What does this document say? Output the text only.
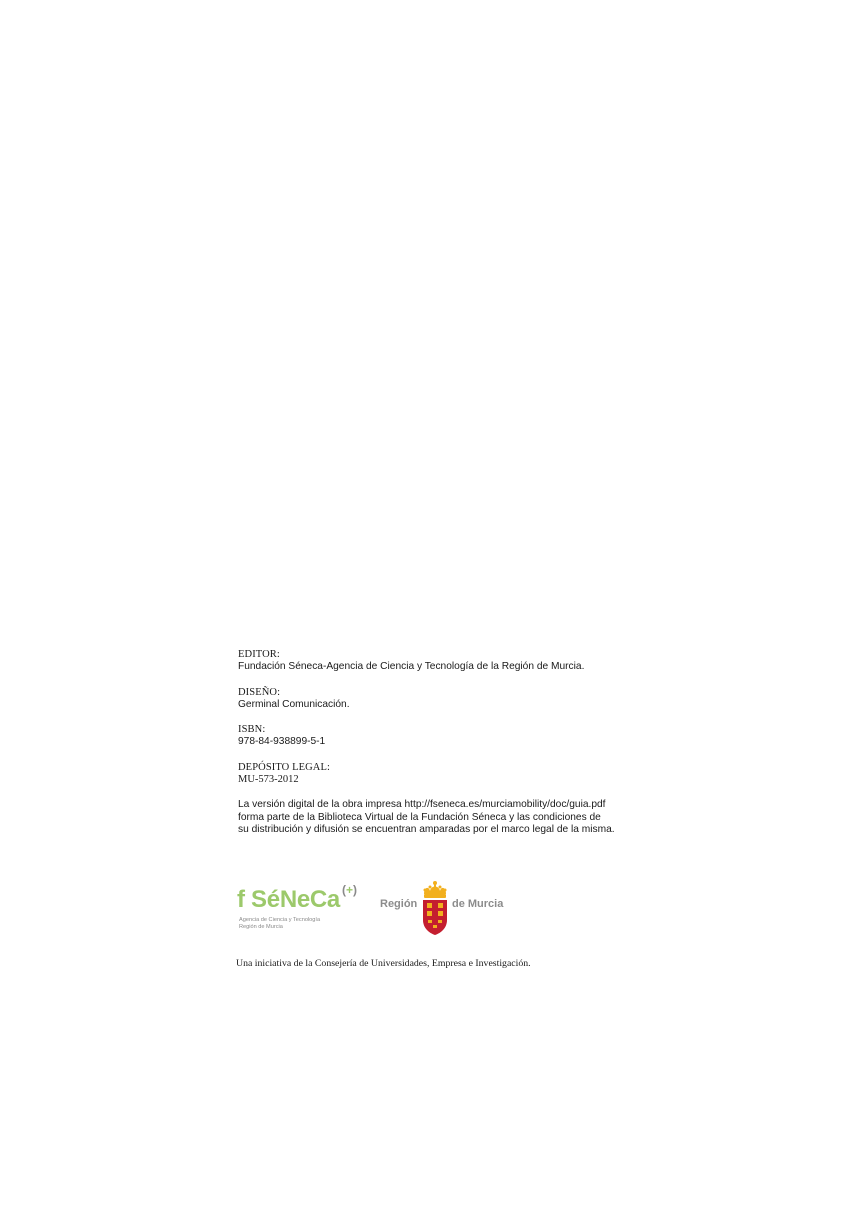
EDITOR:
Fundación Séneca-Agencia de Ciencia y Tecnología de la Región de Murcia.
DISEÑO:
Germinal Comunicación.
ISBN:
978-84-938899-5-1
DEPÓSITO LEGAL:
MU-573-2012
La versión digital de la obra impresa http://fseneca.es/murciamobility/doc/guia.pdf
forma parte de la Biblioteca Virtual de la Fundación Séneca y las condiciones de
su distribución y difusión se encuentran amparadas por el marco legal de la misma.
f SéNeCa (+)
Agencia de Ciencia y Tecnología
Región de Murcia
Región	de Murcia
Una iniciativa de la Consejería de Universidades, Empresa e Investigación.
